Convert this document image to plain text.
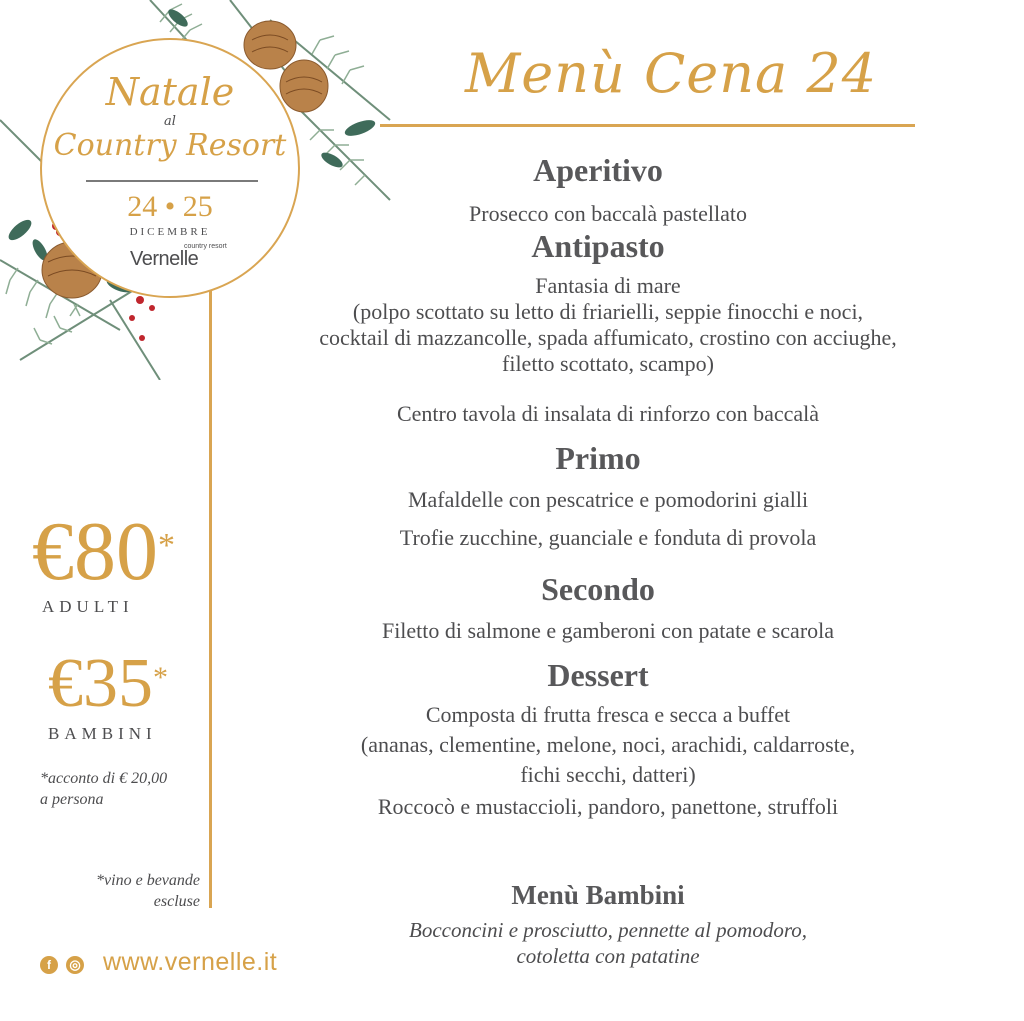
Natale
al
Country Resort
24 • 25
DICEMBRE
country resort
Vernelle
Menù Cena 24
Aperitivo
Prosecco con baccalà pastellato
Antipasto
Fantasia di mare
(polpo scottato su letto di friarielli, seppie finocchi e noci,
cocktail di mazzancolle, spada affumicato, crostino con acciughe,
filetto scottato, scampo)
Centro tavola di insalata di rinforzo con baccalà
Primo
Mafaldelle con pescatrice e pomodorini gialli
Trofie zucchine, guanciale e fonduta di provola
Secondo
Filetto di salmone e gamberoni con patate e scarola
Dessert
Composta di frutta fresca e secca a buffet
(ananas, clementine, melone, noci, arachidi, caldarroste,
fichi secchi, datteri)
Roccocò e mustaccioli, pandoro, panettone, struffoli
Menù Bambini
Bocconcini e prosciutto, pennette al pomodoro,
cotoletta con patatine
€80*
ADULTI
€35*
BAMBINI
*acconto di € 20,00
a persona
*vino e bevande
escluse
f	◎ www.vernelle.it
